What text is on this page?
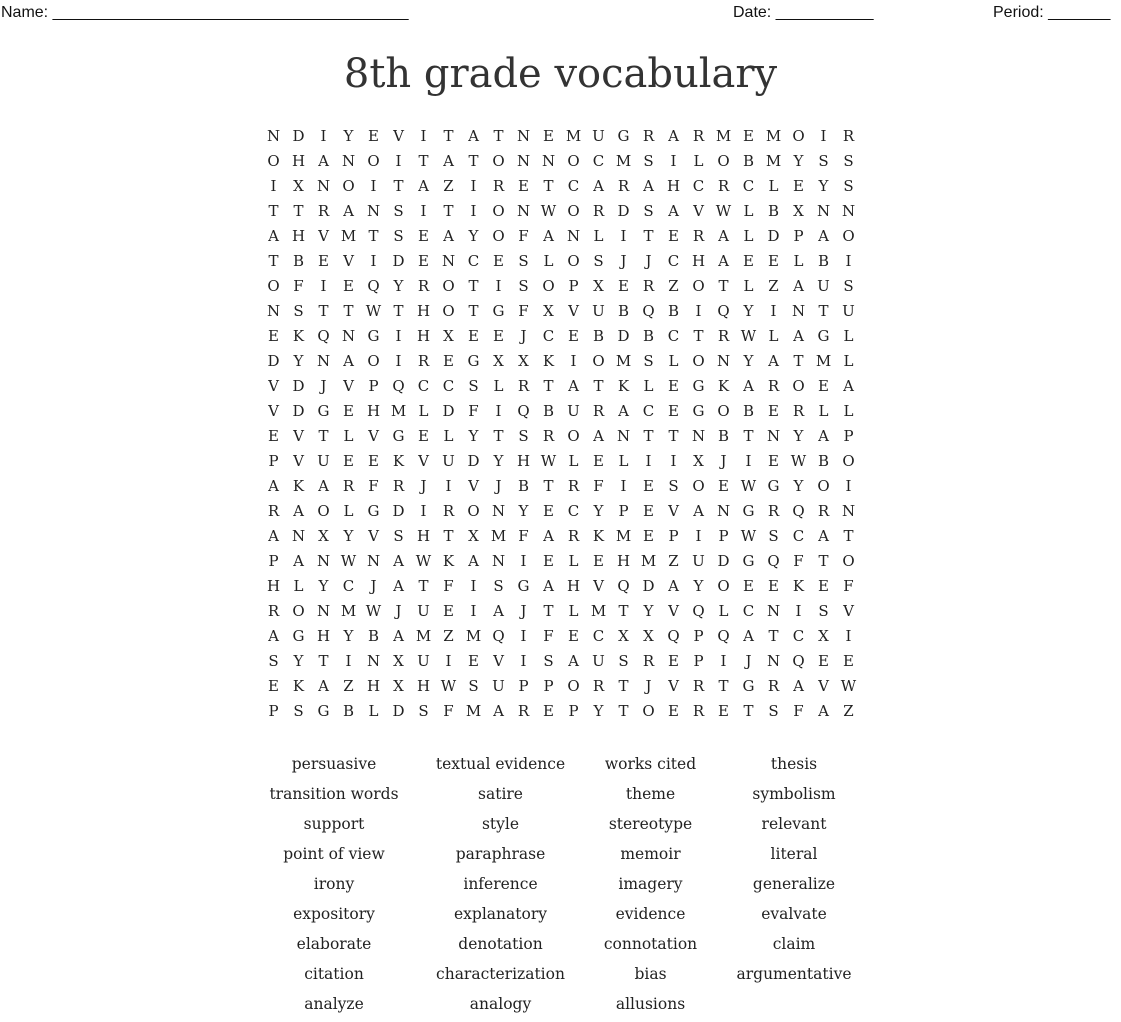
Name: ________________________________________	Date: ___________	Period: _______
8th grade vocabulary
N D	I	Y E V	I	T A T N E M U G R A R M E M O	I	R
O H A N O	I	T A T O N N O C M S	I	L O B M Y S S
I	X N O	I	T A Z	I	R E T C A R A H C R C L E Y S
T T R A N S	I	T	I	O N W O R D S A V W L B X N N
A H V M T S E A Y O F A N L	I	T E R A L D P A O
T B E V	I	D E N C E S L O S	J	J	C H A E E L B	I
O F	I	E Q Y R O T	I	S O P X E R Z O T	L Z A U S
N S T T W T H O T G F X V U B Q B	I	Q Y	I	N T U
E K Q N G	I	H X E E	J	C E B D B C T R W L A G L
D Y N A O	I	R E G X X K	I	O M S L O N Y A T M L
V D	J	V P Q C C S L R T A T K L E G K A R O E A
V D G E H M L D F	I	Q B U R A C E G O B E R L	L
E V T	L V G E L	Y	T S R O A N T T N B T N Y A P
P V U E E K V U D Y H W L E L	I	I	X	J	I	E W B O
A K A R F R	J	I	V	J	B T R F	I	E S O E W G Y O	I
R A O L G D	I	R O N Y E C Y	P E V A N G R Q R N
A N X Y V S H T X M F A R K M E P	I	P W S C A T
P A N W N A W K A N	I	E L E H M Z U D G Q F T O
H L	Y C	J	A T F	I	S G A H V Q D A Y O E E K E F
R O N M W J	U E	I	A	J	T	L M T	Y V Q L C N	I	S V
A G H Y B A M Z M Q	I	F E C X X Q P Q A T C X	I
S Y	T	I	N X U	I	E V	I	S A U S R E P	I	J	N Q E E
E K A Z H X H W S U P P O R T	J	V R T G R A V W
P S G B L D S F M A R E P	Y	T O E R E T S F A Z
persuasive	textual evidence	works cited	thesis
transition words	satire	theme	symbolism
support	style	stereotype	relevant
point of view	paraphrase	memoir	literal
irony	inference	imagery	generalize
expository	explanatory	evidence	evalvate
elaborate	denotation	connotation	claim
citation	characterization	bias	argumentative
analyze	analogy	allusions
